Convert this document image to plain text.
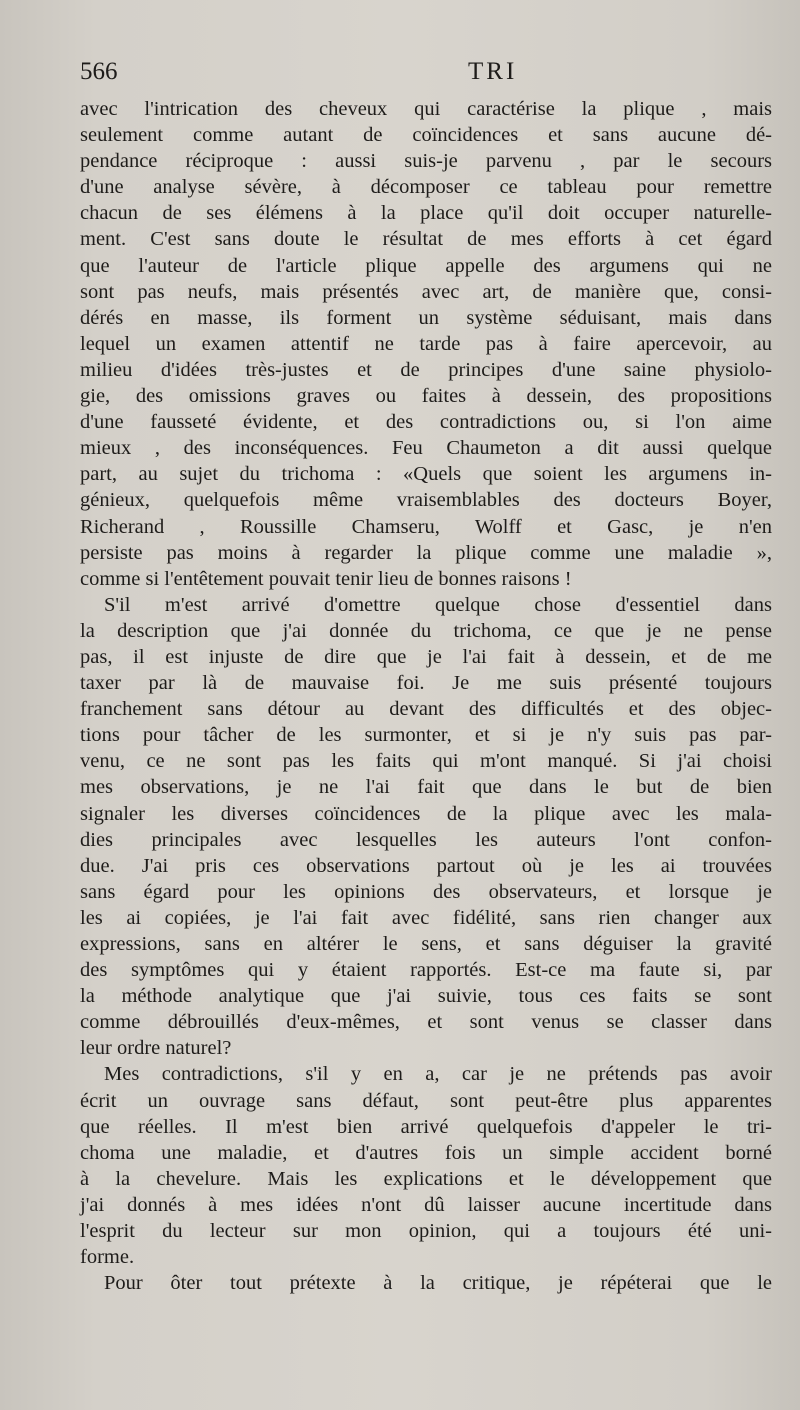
566	TRI
avec l'intrication des cheveux qui caractérise la plique , mais
seulement comme autant de coïncidences et sans aucune dé-
pendance réciproque : aussi suis-je parvenu , par le secours
d'une analyse sévère, à décomposer ce tableau pour remettre
chacun de ses élémens à la place qu'il doit occuper naturelle-
ment. C'est sans doute le résultat de mes efforts à cet égard
que l'auteur de l'article plique appelle des argumens qui ne
sont pas neufs, mais présentés avec art, de manière que, consi-
dérés en masse, ils forment un système séduisant, mais dans
lequel un examen attentif ne tarde pas à faire apercevoir, au
milieu d'idées très-justes et de principes d'une saine physiolo-
gie, des omissions graves ou faites à dessein, des propositions
d'une fausseté évidente, et des contradictions ou, si l'on aime
mieux , des inconséquences. Feu Chaumeton a dit aussi quelque
part, au sujet du trichoma : «Quels que soient les argumens in-
génieux, quelquefois même vraisemblables des docteurs Boyer,
Richerand , Roussille Chamseru, Wolff et Gasc, je n'en
persiste pas moins à regarder la plique comme une maladie »,
comme si l'entêtement pouvait tenir lieu de bonnes raisons !
S'il m'est arrivé d'omettre quelque chose d'essentiel dans
la description que j'ai donnée du trichoma, ce que je ne pense
pas, il est injuste de dire que je l'ai fait à dessein, et de me
taxer par là de mauvaise foi. Je me suis présenté toujours
franchement sans détour au devant des difficultés et des objec-
tions pour tâcher de les surmonter, et si je n'y suis pas par-
venu, ce ne sont pas les faits qui m'ont manqué. Si j'ai choisi
mes observations, je ne l'ai fait que dans le but de bien
signaler les diverses coïncidences de la plique avec les mala-
dies principales avec lesquelles les auteurs l'ont confon-
due. J'ai pris ces observations partout où je les ai trouvées
sans égard pour les opinions des observateurs, et lorsque je
les ai copiées, je l'ai fait avec fidélité, sans rien changer aux
expressions, sans en altérer le sens, et sans déguiser la gravité
des symptômes qui y étaient rapportés. Est-ce ma faute si, par
la méthode analytique que j'ai suivie, tous ces faits se sont
comme débrouillés d'eux-mêmes, et sont venus se classer dans
leur ordre naturel?
Mes contradictions, s'il y en a, car je ne prétends pas avoir
écrit un ouvrage sans défaut, sont peut-être plus apparentes
que réelles. Il m'est bien arrivé quelquefois d'appeler le tri-
choma une maladie, et d'autres fois un simple accident borné
à la chevelure. Mais les explications et le développement que
j'ai donnés à mes idées n'ont dû laisser aucune incertitude dans
l'esprit du lecteur sur mon opinion, qui a toujours été uni-
forme.
Pour ôter tout prétexte à la critique, je répéterai que le
